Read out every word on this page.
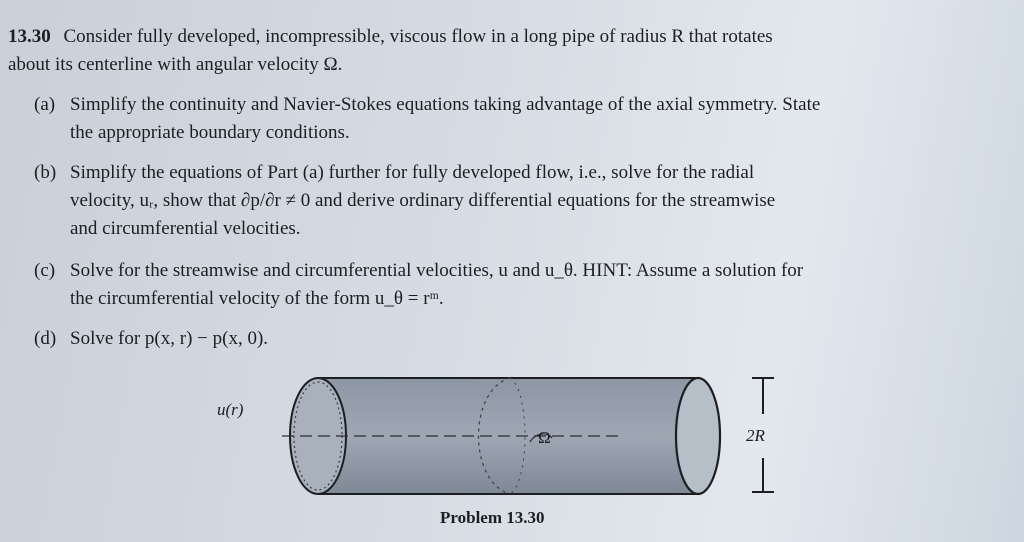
13.30 Consider fully developed, incompressible, viscous flow in a long pipe of radius R that rotates
about its centerline with angular velocity Ω.
(a) Simplify the continuity and Navier-Stokes equations taking advantage of the axial symmetry. State
the appropriate boundary conditions.
(b) Simplify the equations of Part (a) further for fully developed flow, i.e., solve for the radial
velocity, uᵣ, show that ∂p/∂r ≠ 0 and derive ordinary differential equations for the streamwise
and circumferential velocities.
(c) Solve for the streamwise and circumferential velocities, u and u_θ. HINT: Assume a solution for
the circumferential velocity of the form u_θ = rᵐ.
(d) Solve for p(x, r) − p(x, 0).
u(r)
Ω	2R
Problem 13.30
